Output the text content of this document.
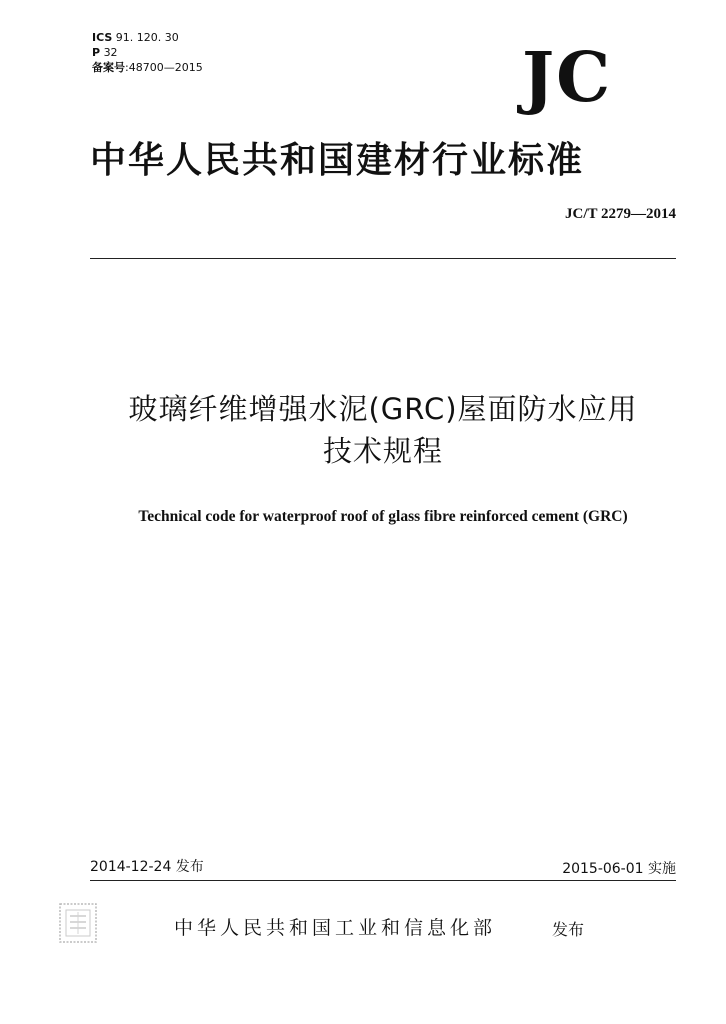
ICS 91. 120. 30
P 32
备案号:48700—2015	JC
中华人民共和国建材行业标准
JC/T 2279—2014
玻璃纤维增强水泥(GRC)屋面防水应用
技术规程
Technical code for waterproof roof of glass fibre reinforced cement (GRC)
2014-12-24 发布	2015-06-01 实施
中华人民共和国工业和信息化部	发布
